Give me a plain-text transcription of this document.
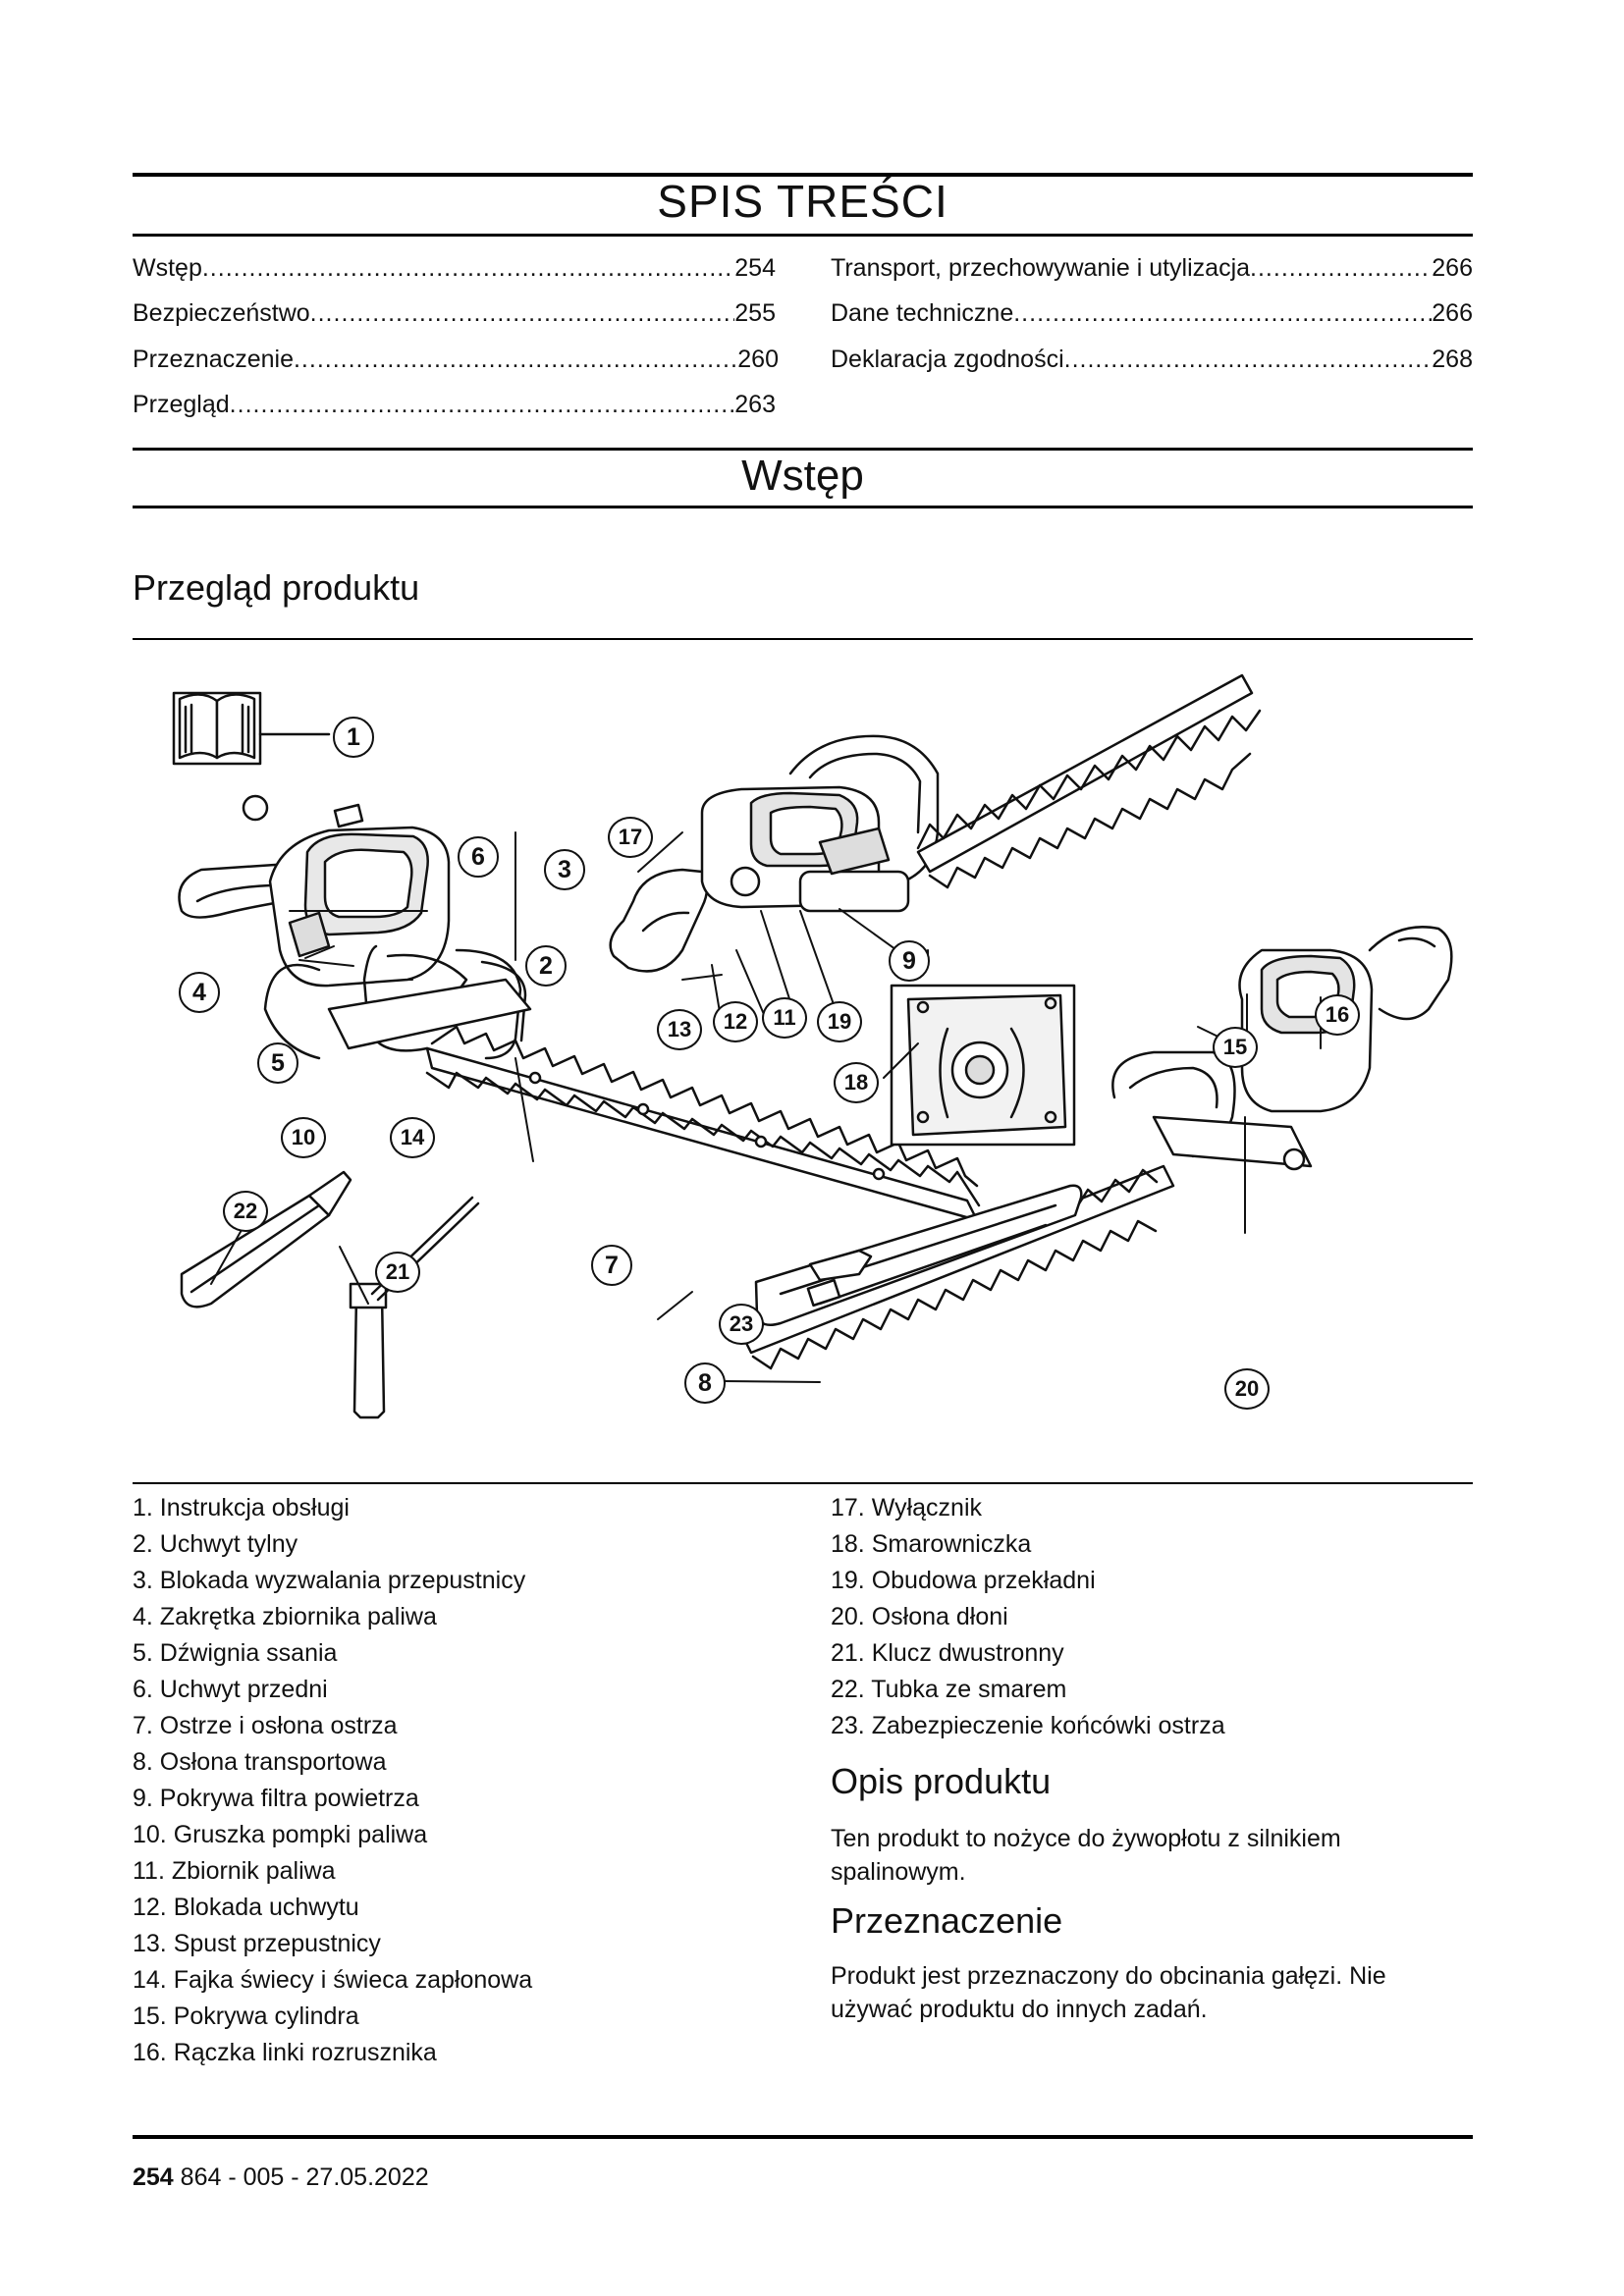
SPIS TREŚCI
Wstęp .....	254
Bezpieczeństwo .....	255
Przeznaczenie .....	260
Przegląd .....	263
Transport, przechowywanie i utylizacja .....	266
Dane techniczne .....	266
Deklaracja zgodności .....	268
Wstęp
Przegląd produktu
1
2
3
4
5
6
7
8
9
10
11
12
13
14
15
16
17
18
19
20
21
22
23
1. Instrukcja obsługi
2. Uchwyt tylny
3. Blokada wyzwalania przepustnicy
4. Zakrętka zbiornika paliwa
5. Dźwignia ssania
6. Uchwyt przedni
7. Ostrze i osłona ostrza
8. Osłona transportowa
9. Pokrywa filtra powietrza
10. Gruszka pompki paliwa
11. Zbiornik paliwa
12. Blokada uchwytu
13. Spust przepustnicy
14. Fajka świecy i świeca zapłonowa
15. Pokrywa cylindra
16. Rączka linki rozrusznika
17. Wyłącznik
18. Smarowniczka
19. Obudowa przekładni
20. Osłona dłoni
21. Klucz dwustronny
22. Tubka ze smarem
23. Zabezpieczenie końcówki ostrza
Opis produktu
Ten produkt to nożyce do żywopłotu z silnikiem spalinowym.
Przeznaczenie
Produkt jest przeznaczony do obcinania gałęzi. Nie używać produktu do innych zadań.
254 864 - 005 - 27.05.2022
